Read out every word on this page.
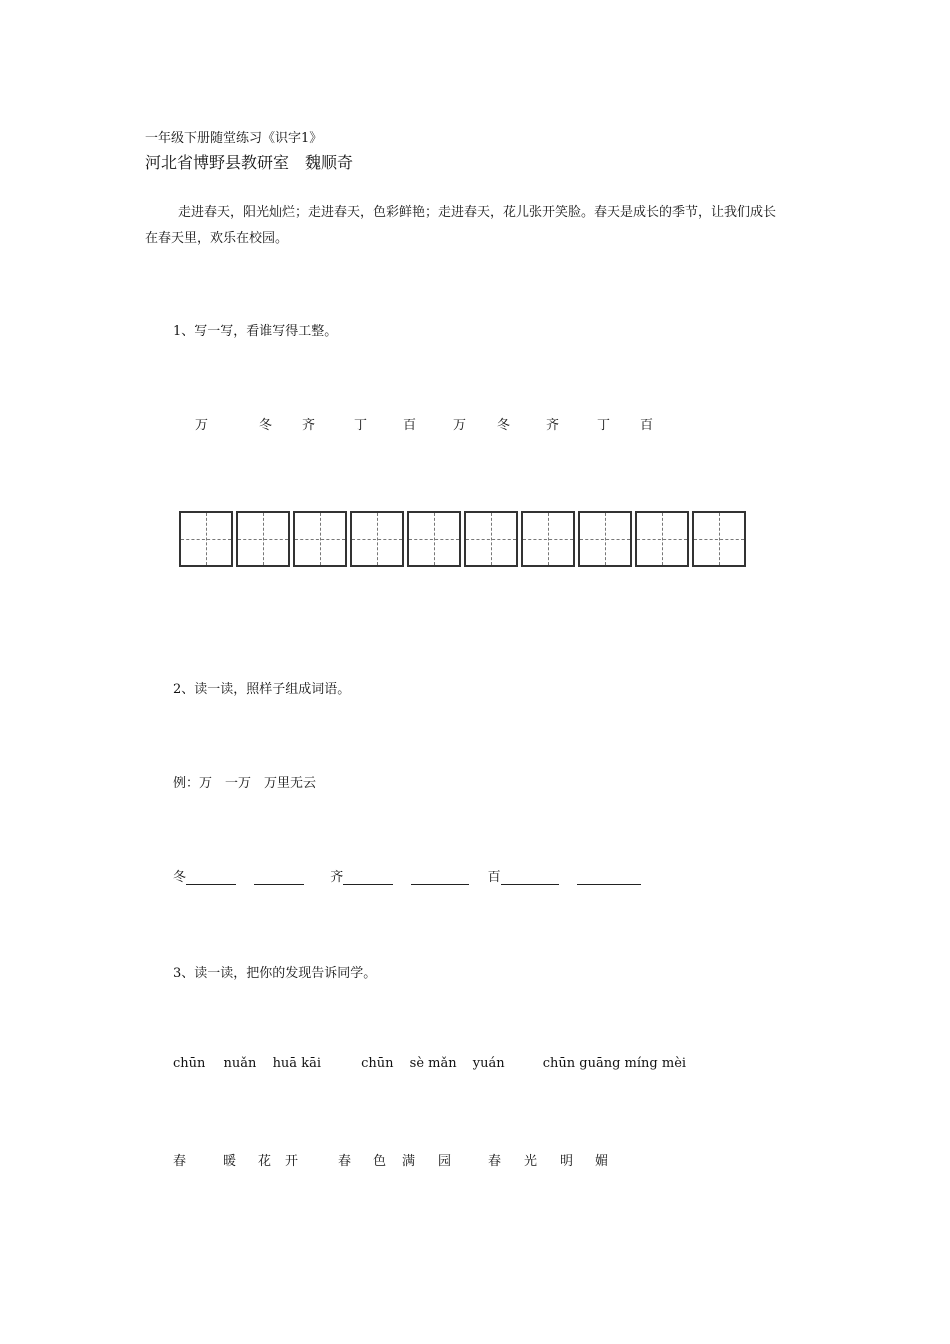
一年级下册随堂练习《识字1》
河北省博野县教研室　魏顺奇
走进春天，阳光灿烂；走进春天，色彩鲜艳；走进春天，花儿张开笑脸。春天是成长的季节，让我们成长
在春天里，欢乐在校园。
1、写一写，看谁写得工整。
万	冬 齐	丁	百	万 冬	齐	丁 百
2、读一读，照样子组成词语。
例：万　一万　万里无云
冬	齐	百
3、读一读，把你的发现告诉同学。
chūn nuǎn huā kāi	chūn sè mǎn yuán	chūn guāng míng mèi
春	暖 花 开	春 色 满 园	春 光 明 媚
